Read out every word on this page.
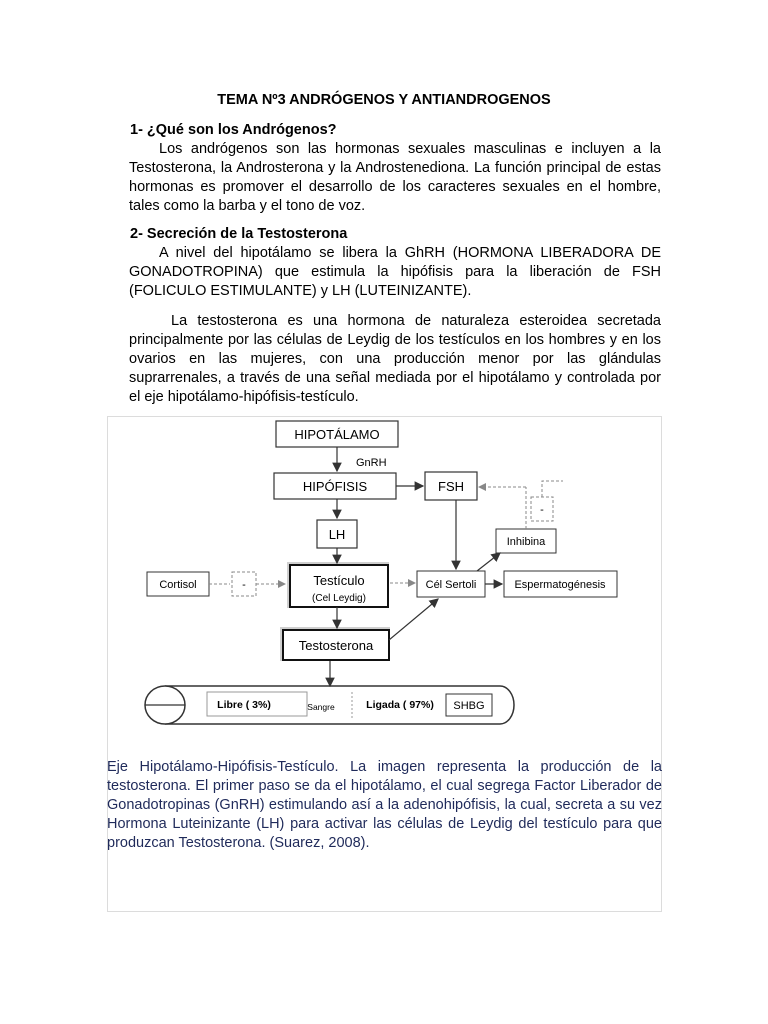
TEMA Nº3 ANDRÓGENOS Y ANTIANDROGENOS
1- ¿Qué son los Andrógenos?
Los andrógenos son las hormonas sexuales masculinas e incluyen a la Testosterona, la Androsterona y la Androstenediona. La función principal de estas hormonas es promover el desarrollo de los caracteres sexuales en el hombre, tales como la barba y el tono de voz.
2- Secreción de la Testosterona
A nivel del hipotálamo se libera la GhRH (HORMONA LIBERADORA DE GONADOTROPINA) que estimula la hipófisis para la liberación de FSH (FOLICULO ESTIMULANTE) y LH (LUTEINIZANTE).
La testosterona es una hormona de naturaleza esteroidea secretada principalmente por las células de Leydig de los testículos en los hombres y en los ovarios en las mujeres, con una producción menor por las glándulas suprarrenales, a través de una señal mediada por el hipotálamo y controlada por el eje hipotálamo-hipófisis-testículo.
HIPOTÁLAMO
GnRH
HIPÓFISIS	FSH
LH	Inhibina
-
Cortisol	-	Testículo
(Cel Leydig)
Cél Sertoli	Espermatogénesis
Testosterona
Libre ( 3%)	Sangre	Ligada ( 97%) SHBG
Eje Hipotálamo-Hipófisis-Testículo. La imagen representa la producción de la testosterona. El primer paso se da el hipotálamo, el cual segrega Factor Liberador de Gonadotropinas (GnRH) estimulando así a la adenohipófisis, la cual, secreta a su vez Hormona Luteinizante (LH) para activar las células de Leydig del testículo para que produzcan Testosterona. (Suarez, 2008).
